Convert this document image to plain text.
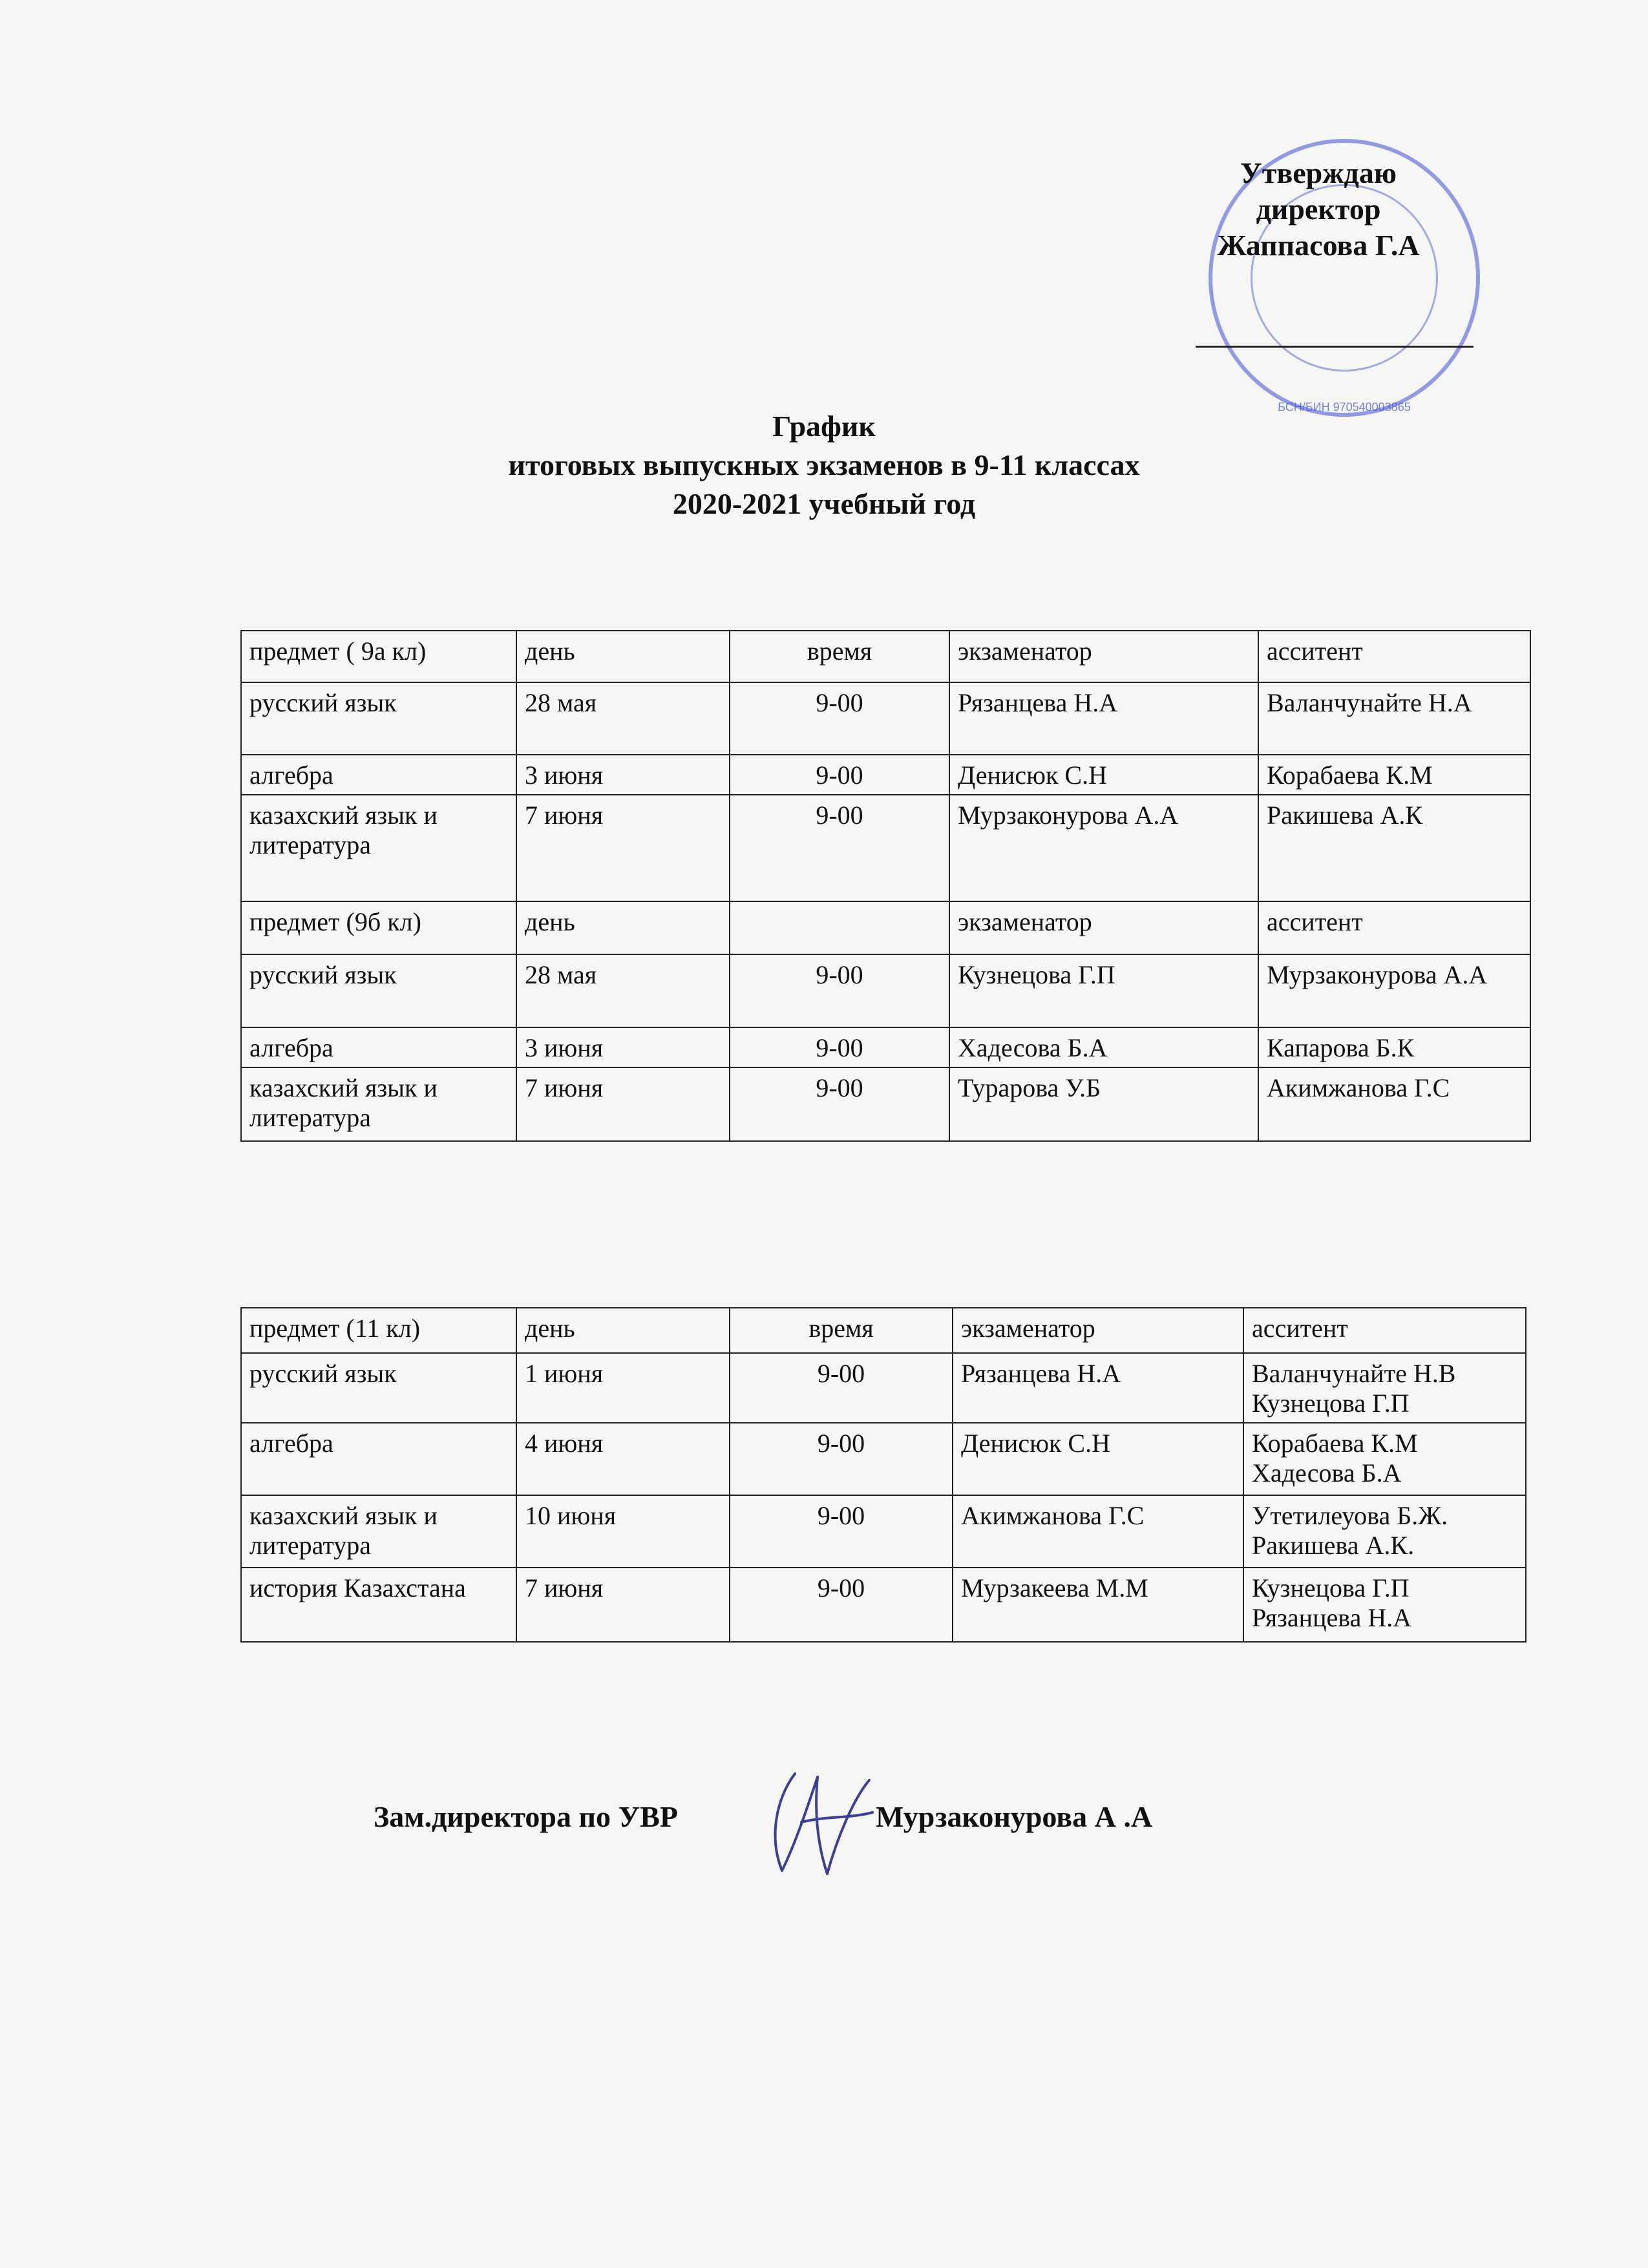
БСН/БИН 970540003865
Утверждаю
директор
Жаппасова Г.А
График
итоговых выпускных экзаменов в 9-11 классах
2020-2021 учебный год
предмет ( 9а кл)	день	время	экзаменатор	асситент
русский язык	28 мая	9-00	Рязанцева Н.А	Валанчунайте Н.А
алгебра	3 июня	9-00	Денисюк С.Н	Корабаева К.М
казахский язык и литература	7 июня	9-00	Мурзаконурова А.А	Ракишева А.К
предмет (9б кл)	день		экзаменатор	асситент
русский язык	28 мая	9-00	Кузнецова Г.П	Мурзаконурова А.А
алгебра	3 июня	9-00	Хадесова Б.А	Капарова Б.К
казахский язык и литература	7 июня	9-00	Турарова У.Б	Акимжанова Г.С
предмет (11 кл)	день	время	экзаменатор	асситент
русский язык	1 июня	9-00	Рязанцева Н.А	Валанчунайте Н.В Кузнецова Г.П
алгебра	4 июня	9-00	Денисюк С.Н	Корабаева К.М Хадесова Б.А
казахский язык и литература	10 июня	9-00	Акимжанова Г.С	Утетилеуова Б.Ж. Ракишева А.К.
история Казахстана	7 июня	9-00	Мурзакеева М.М	Кузнецова Г.П Рязанцева Н.А
Зам.директора по УВР	Мурзаконурова А .А
